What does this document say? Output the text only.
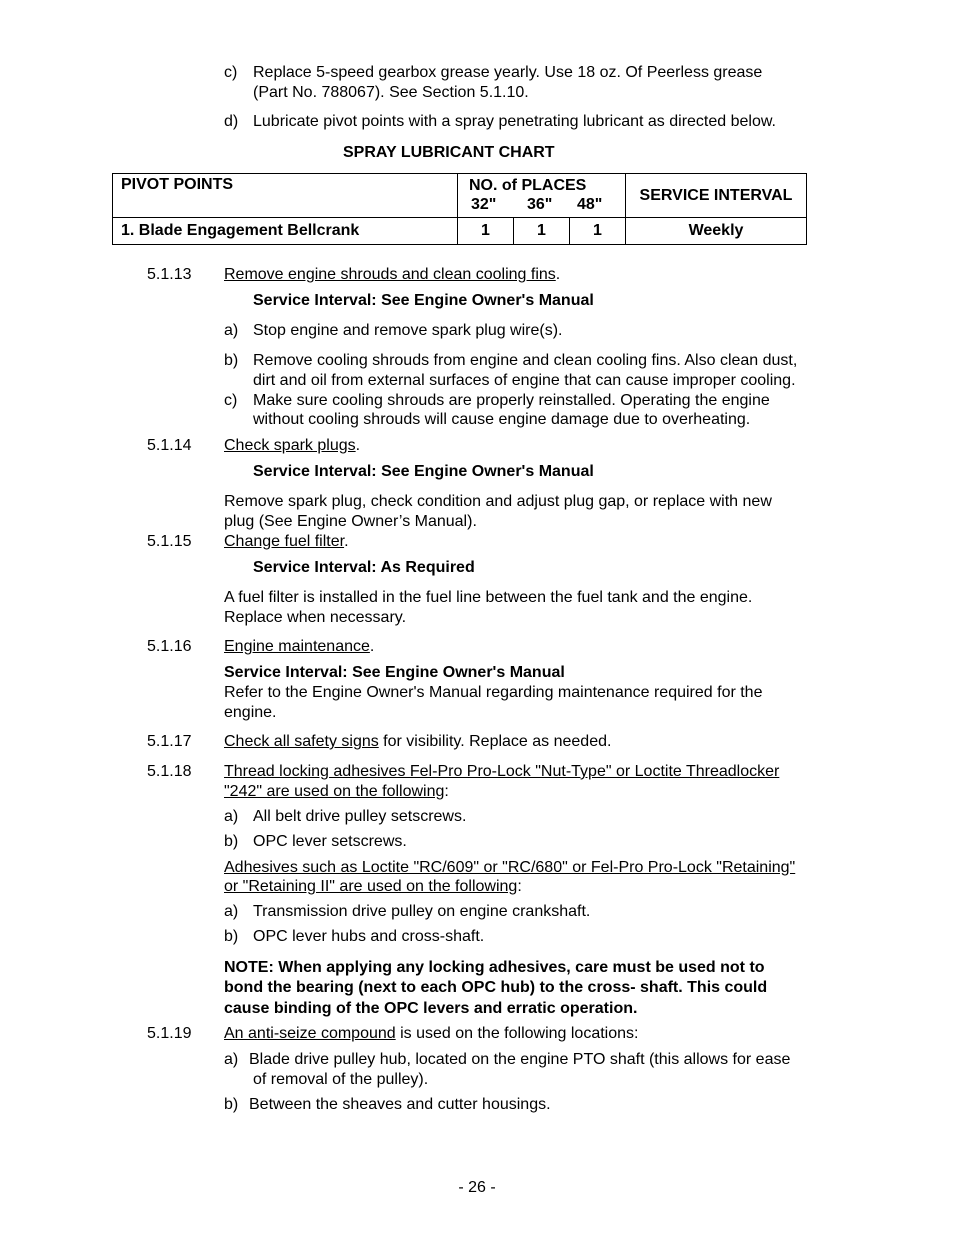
c) Replace 5-speed gearbox grease yearly. Use 18 oz. Of Peerless grease
(Part No. 788067). See Section 5.1.10.
d) Lubricate pivot points with a spray penetrating lubricant as directed below.
SPRAY LUBRICANT CHART
PIVOT POINTS	NO. of PLACES
32" 36" 48"			SERVICE INTERVAL
1. Blade Engagement Bellcrank	1	1	1	Weekly
5.1.13 Remove engine shrouds and clean cooling fins.
Service Interval: See Engine Owner's Manual
a) Stop engine and remove spark plug wire(s).
b) Remove cooling shrouds from engine and clean cooling fins. Also clean dust,
dirt and oil from external surfaces of engine that can cause improper cooling.
c) Make sure cooling shrouds are properly reinstalled. Operating the engine
without cooling shrouds will cause engine damage due to overheating.
5.1.14 Check spark plugs.
Service Interval: See Engine Owner's Manual
Remove spark plug, check condition and adjust plug gap, or replace with new
plug (See Engine Owner’s Manual).
5.1.15 Change fuel filter.
Service Interval: As Required
A fuel filter is installed in the fuel line between the fuel tank and the engine.
Replace when necessary.
5.1.16 Engine maintenance.
Service Interval: See Engine Owner's Manual
Refer to the Engine Owner's Manual regarding maintenance required for the
engine.
5.1.17 Check all safety signs for visibility. Replace as needed.
5.1.18 Thread locking adhesives Fel-Pro Pro-Lock "Nut-Type" or Loctite Threadlocker
"242" are used on the following:
a) All belt drive pulley setscrews.
b) OPC lever setscrews.
Adhesives such as Loctite "RC/609" or "RC/680" or Fel-Pro Pro-Lock "Retaining"
or "Retaining II" are used on the following:
a) Transmission drive pulley on engine crankshaft.
b) OPC lever hubs and cross-shaft.
NOTE: When applying any locking adhesives, care must be used not to
bond the bearing (next to each OPC hub) to the cross- shaft. This could
cause binding of the OPC levers and erratic operation.
5.1.19 An anti-seize compound is used on the following locations:
a) Blade drive pulley hub, located on the engine PTO shaft (this allows for ease
of removal of the pulley).
b) Between the sheaves and cutter housings.
- 26 -
